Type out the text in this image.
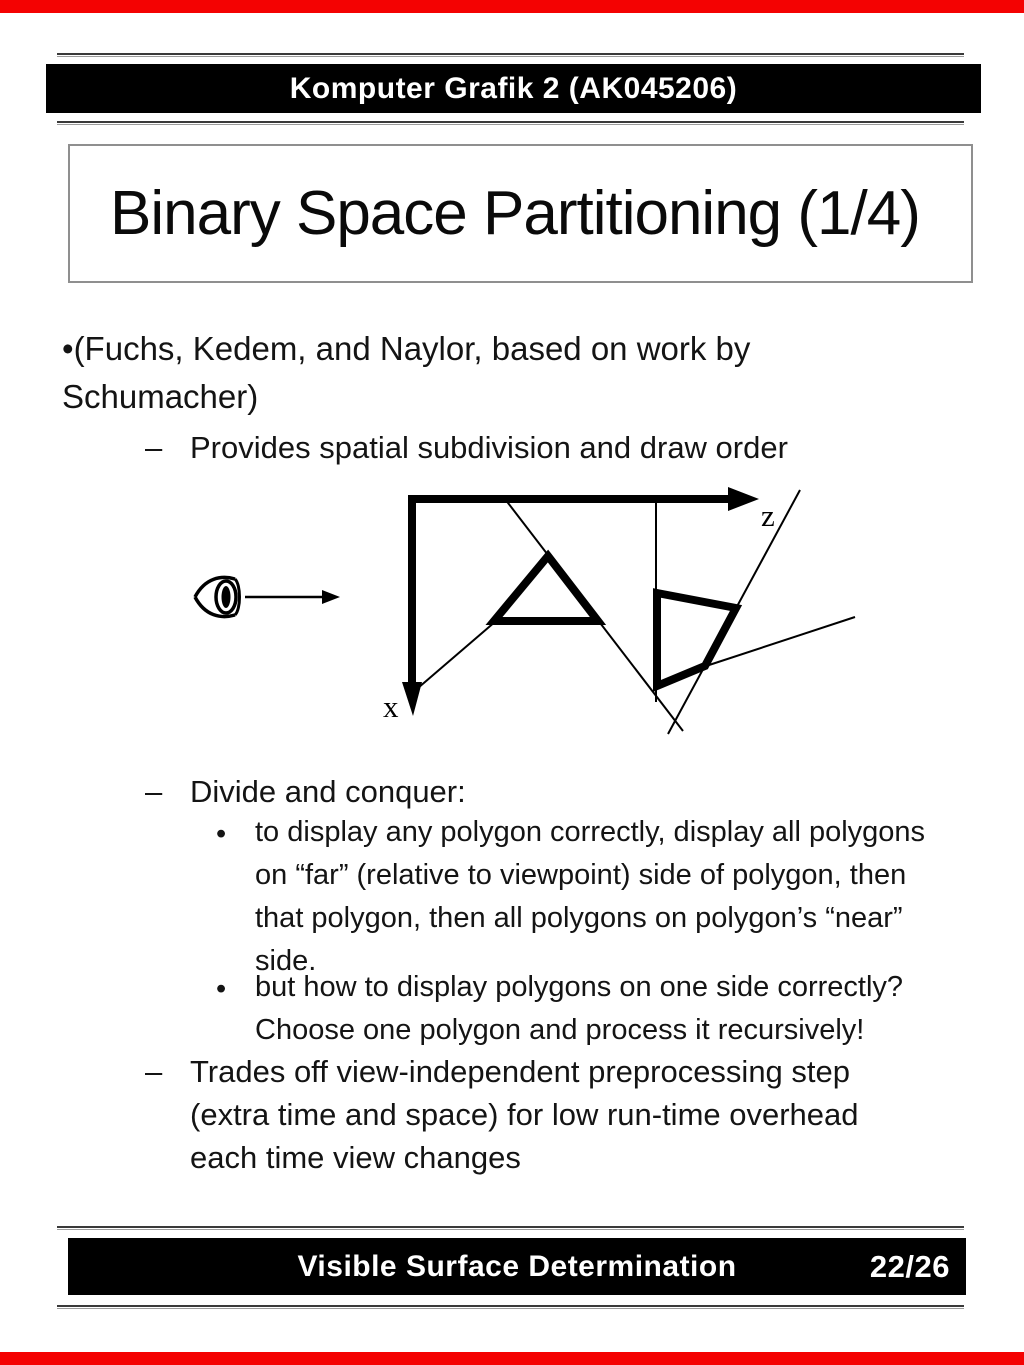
Komputer Grafik 2 (AK045206)
Binary Space Partitioning (1/4)
•(Fuchs, Kedem, and Naylor, based on work by
Schumacher)
– Provides spatial subdivision and draw order
x
z
– Divide and conquer:
• to display any polygon correctly, display all polygons
on “far” (relative to viewpoint) side of polygon, then
that polygon, then all polygons on polygon’s “near”
side.
• but how to display polygons on one side correctly?
Choose one polygon and process it recursively!
– Trades off view-independent preprocessing step
(extra time and space) for low run-time overhead
each time view changes
Visible Surface Determination	22/26
